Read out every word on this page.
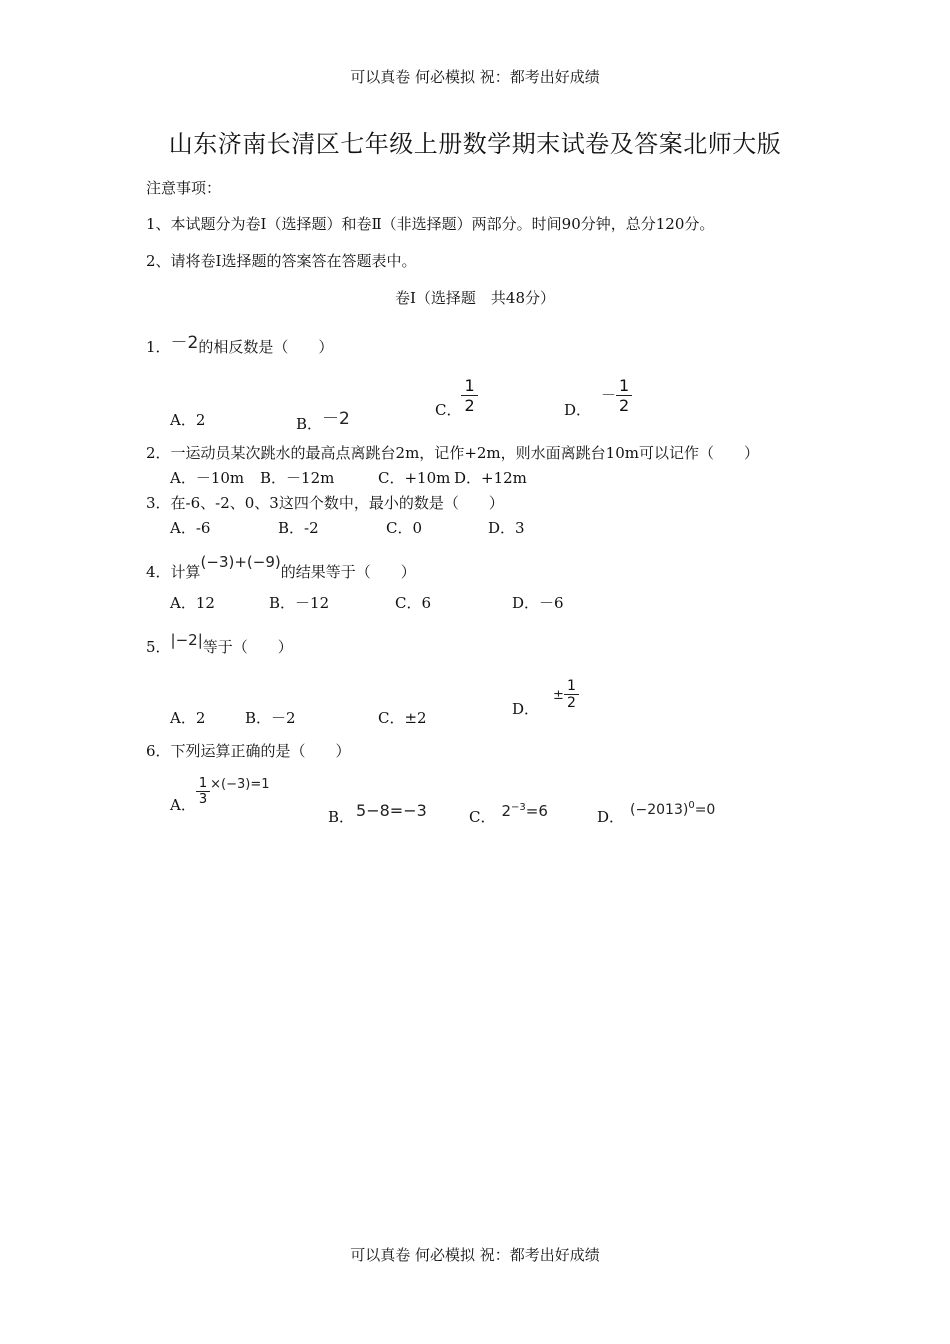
可以真卷 何必模拟 祝：都考出好成绩
山东济南长清区七年级上册数学期末试卷及答案北师大版
注意事项：
1、本试题分为卷Ⅰ（选择题）和卷Ⅱ（非选择题）两部分。时间90分钟，总分120分。
2、请将卷Ⅰ选择题的答案答在答题表中。
卷Ⅰ（选择题　共48分）
1．－2的相反数是（　　）
A．2	B．－2	C． $\frac{1}{2}$	D．－ $\frac{1}{2}$
2．一运动员某次跳水的最高点离跳台2m，记作+2m，则水面离跳台10m可以记作（　　）
A．－10m B．－12m	C．+10m D．+12m
3．在-6、-2、0、3这四个数中，最小的数是（　　）
A．-6	B．-2	C．0	D．3
4．计算(−3)+(−9)的结果等于（　　）
A．12	B．－12	C．6	D．－6
5．|−2|等于（　　）
A．2	B．－2	C．±2
D．± $\frac{1}{2}$
6．下列运算正确的是（　　）
A． $\frac{1}{3} \times(-3)=1$
B． 5−8=−3	C． $2^{-3}=6$	D． $(-2013)^0=0$
可以真卷 何必模拟 祝：都考出好成绩
